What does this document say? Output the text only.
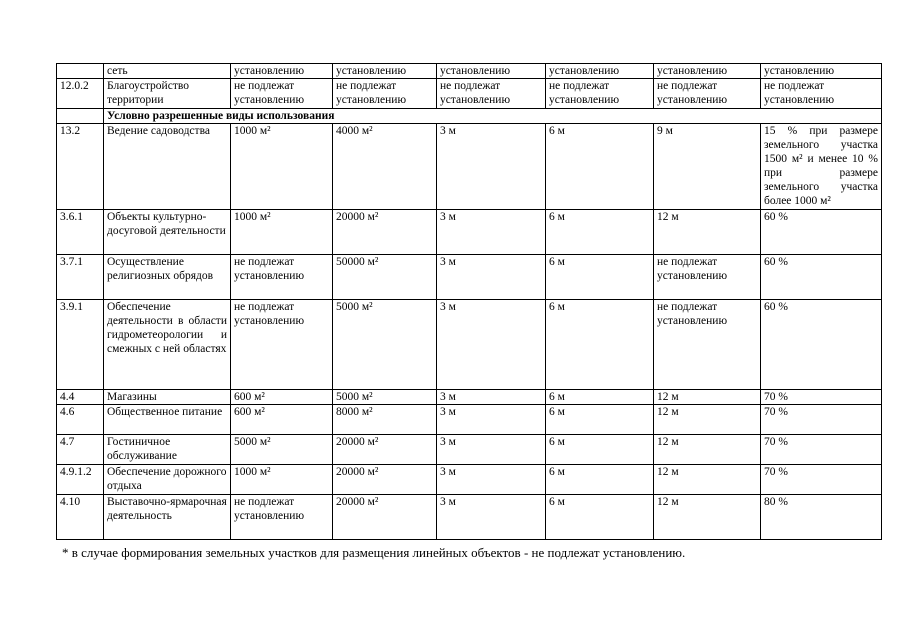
	сеть	установлению	установлению	установлению	установлению	установлению	установлению
12.0.2	Благоустройство территории	не подлежат установлению	не подлежат установлению	не подлежат установлению	не подлежат установлению	не подлежат установлению	не подлежат установлению
	Условно разрешенные виды использования						
13.2	Ведение садоводства	1000 м²	4000 м²	3 м	6 м	9 м	15 % при размере земельного участка 1500 м² и менее 10 % при размере земельного участка более 1000 м²
3.6.1	Объекты культурно-досуговой деятельности	1000 м²	20000 м²	3 м	6 м	12 м	60 %
3.7.1	Осуществление религиозных обрядов	не подлежат установлению	50000 м²	3 м	6 м	не подлежат установлению	60 %
3.9.1	Обеспечение деятельности в области гидрометеорологии и смежных с ней областях	не подлежат установлению	5000 м²	3 м	6 м	не подлежат установлению	60 %
4.4	Магазины	600 м²	5000 м²	3 м	6 м	12 м	70 %
4.6	Общественное питание	600 м²	8000 м²	3 м	6 м	12 м	70 %
4.7	Гостиничное обслуживание	5000 м²	20000 м²	3 м	6 м	12 м	70 %
4.9.1.2	Обеспечение дорожного отдыха	1000 м²	20000 м²	3 м	6 м	12 м	70 %
4.10	Выставочно-ярмарочная деятельность	не подлежат установлению	20000 м²	3 м	6 м	12 м	80 %
* в случае формирования земельных участков для размещения линейных объектов - не подлежат установлению.
